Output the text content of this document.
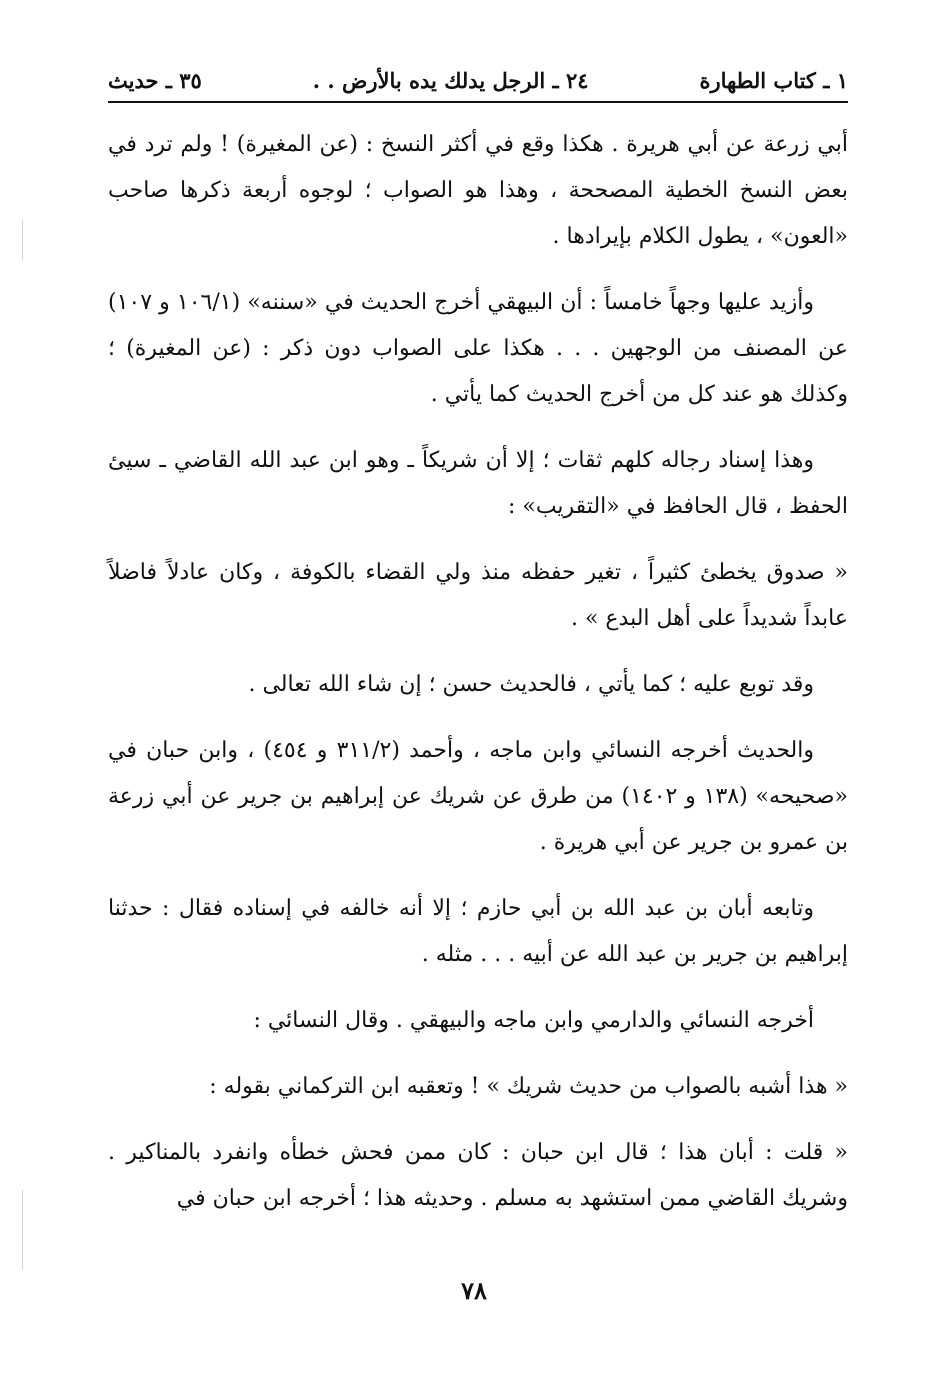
١ ـ كتاب الطهارة
٢٤ ـ الرجل يدلك يده بالأرض . .
٣٥ ـ حديث

أبي زرعة عن أبي هريرة . هكذا وقع في أكثر النسخ : (عن المغيرة) ! ولم ترد في بعض النسخ الخطية المصححة ، وهذا هو الصواب ؛ لوجوه أربعة ذكرها صاحب «العون» ، يطول الكلام بإيرادها .

وأزيد عليها وجهاً خامساً : أن البيهقي أخرج الحديث في «سننه» (١٠٦/١ و ١٠٧) عن المصنف من الوجهين . . . هكذا على الصواب دون ذكر : (عن المغيرة) ؛ وكذلك هو عند كل من أخرج الحديث كما يأتي .

وهذا إسناد رجاله كلهم ثقات ؛ إلا أن شريكاً ـ وهو ابن عبد الله القاضي ـ سيئ الحفظ ، قال الحافظ في «التقريب» :

« صدوق يخطئ كثيراً ، تغير حفظه منذ ولي القضاء بالكوفة ، وكان عادلاً فاضلاً عابداً شديداً على أهل البدع » .

وقد توبع عليه ؛ كما يأتي ، فالحديث حسن ؛ إن شاء الله تعالى .

والحديث أخرجه النسائي وابن ماجه ، وأحمد (٣١١/٢ و ٤٥٤) ، وابن حبان في «صحيحه» (١٣٨ و ١٤٠٢) من طرق عن شريك عن إبراهيم بن جرير عن أبي زرعة بن عمرو بن جرير عن أبي هريرة .

وتابعه أبان بن عبد الله بن أبي حازم ؛ إلا أنه خالفه في إسناده فقال : حدثنا إبراهيم بن جرير بن عبد الله عن أبيه . . . مثله .

أخرجه النسائي والدارمي وابن ماجه والبيهقي . وقال النسائي :

« هذا أشبه بالصواب من حديث شريك » ! وتعقبه ابن التركماني بقوله :

« قلت : أبان هذا ؛ قال ابن حبان : كان ممن فحش خطأه وانفرد بالمناكير . وشريك القاضي ممن استشهد به مسلم . وحديثه هذا ؛ أخرجه ابن حبان في

٧٨
